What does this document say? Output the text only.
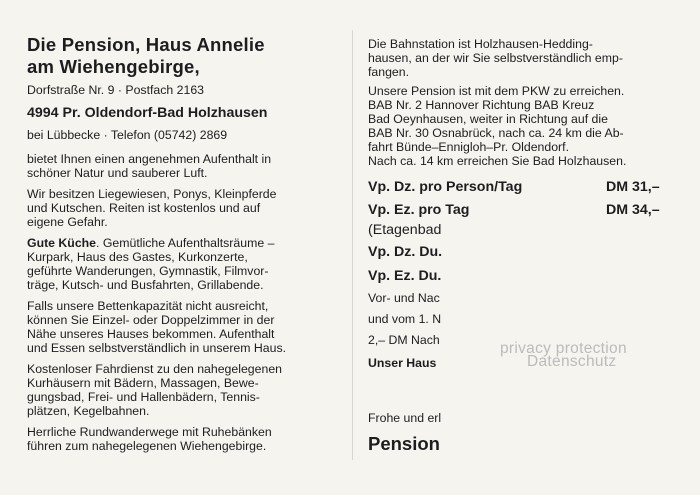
Die Pension, Haus Annelie
am Wiehengebirge,
Dorfstraße Nr. 9 · Postfach 2163
4994 Pr. Oldendorf-Bad Holzhausen
bei Lübbecke · Telefon (05742) 2869
bietet Ihnen einen angenehmen Aufenthalt in
schöner Natur und sauberer Luft.
Wir besitzen Liegewiesen, Ponys, Kleinpferde
und Kutschen. Reiten ist kostenlos und auf
eigene Gefahr.
Gute Küche. Gemütliche Aufenthaltsräume –
Kurpark, Haus des Gastes, Kurkonzerte,
geführte Wanderungen, Gymnastik, Filmvor-
träge, Kutsch- und Busfahrten, Grillabende.
Falls unsere Bettenkapazität nicht ausreicht,
können Sie Einzel- oder Doppelzimmer in der
Nähe unseres Hauses bekommen. Aufenthalt
und Essen selbstverständlich in unserem Haus.
Kostenloser Fahrdienst zu den nahegelegenen
Kurhäusern mit Bädern, Massagen, Bewe-
gungsbad, Frei- und Hallenbädern, Tennis-
plätzen, Kegelbahnen.
Herrliche Rundwanderwege mit Ruhebänken
führen zum nahegelegenen Wiehengebirge.
Die Bahnstation ist Holzhausen-Hedding-
hausen, an der wir Sie selbstverständlich emp-
fangen.
Unsere Pension ist mit dem PKW zu erreichen.
BAB Nr. 2 Hannover Richtung BAB Kreuz
Bad Oeynhausen, weiter in Richtung auf die
BAB Nr. 30 Osnabrück, nach ca. 24 km die Ab-
fahrt Bünde–Ennigloh–Pr. Oldendorf.
Nach ca. 14 km erreichen Sie Bad Holzhausen.
Vp. Dz. pro Person/Tag	DM 31,–
Vp. Ez. pro Tag	DM 34,–
(Etagenbad
Vp. Dz. Du.
Vp. Ez. Du.
Vor- und Nac
und vom 1. N
2,– DM Nach
Unser Haus
Frohe und erl
Pension
privacy protection
Datenschutz
